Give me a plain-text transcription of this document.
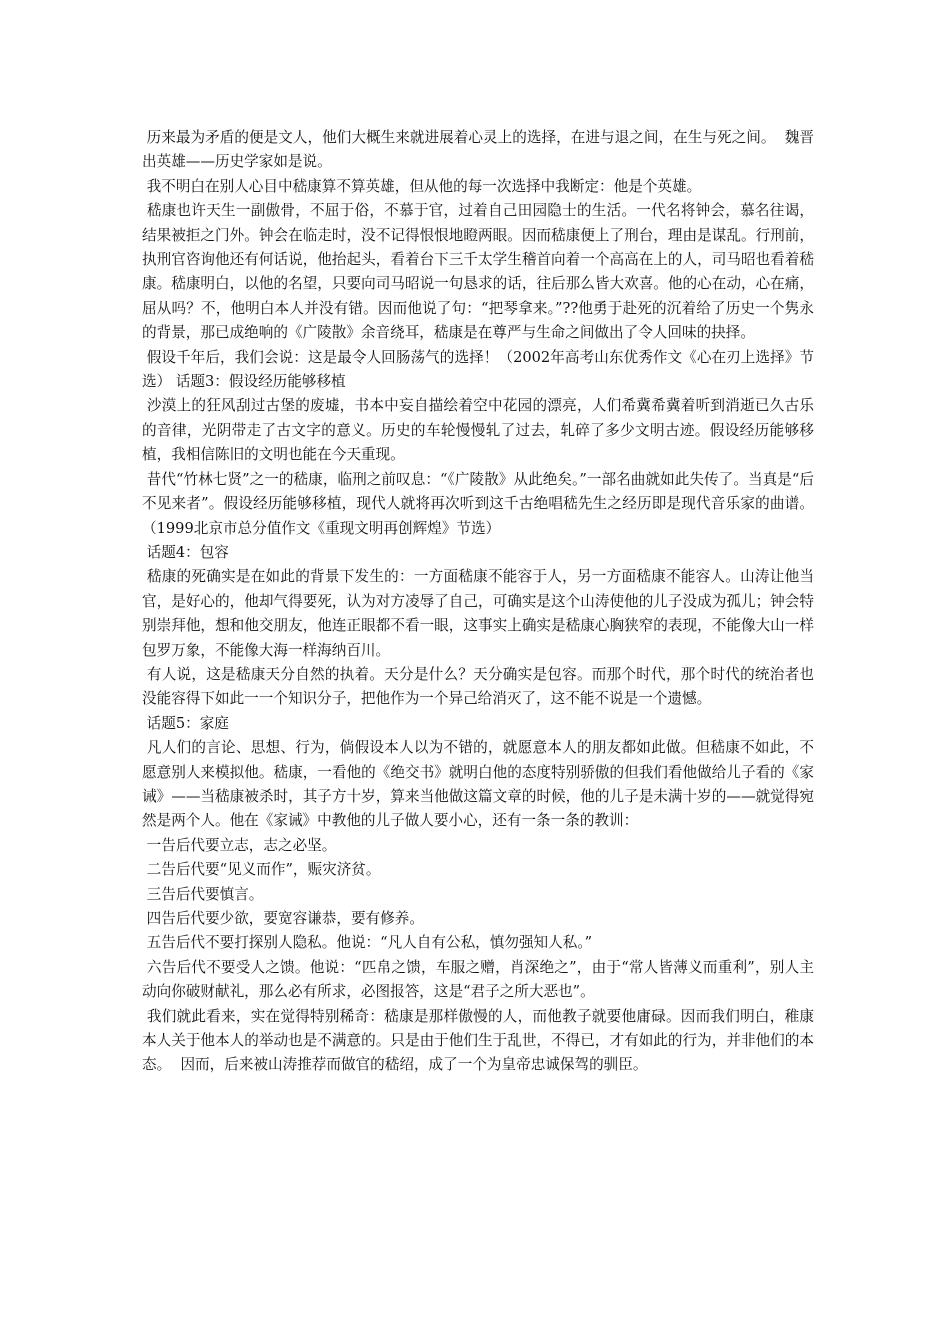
历来最为矛盾的便是文人，他们大概生来就进展着心灵上的选择，在进与退之间，在生与死之间。  魏晋出英雄——历史学家如是说。

我不明白在别人心目中嵇康算不算英雄，但从他的每一次选择中我断定：他是个英雄。

嵇康也许天生一副傲骨，不屈于俗，不慕于官，过着自己田园隐士的生活。一代名将钟会，慕名往谒，结果被拒之门外。钟会在临走时，没不记得恨恨地瞪两眼。因而嵇康便上了刑台，理由是谋乱。行刑前，执刑官咨询他还有何话说，他抬起头，看着台下三千太学生稽首向着一个高高在上的人，司马昭也看着嵇康。嵇康明白，以他的名望，只要向司马昭说一句恳求的话，往后那么皆大欢喜。他的心在动，心在痛，屈从吗？不，他明白本人并没有错。因而他说了句：“把琴拿来。”??他勇于赴死的沉着给了历史一个隽永的背景，那已成绝响的《广陵散》余音绕耳，嵇康是在尊严与生命之间做出了令人回味的抉择。

假设千年后，我们会说：这是最令人回肠荡气的选择！（2002年高考山东优秀作文《心在刃上选择》节选） 话题3：假设经历能够移植

沙漠上的狂风刮过古堡的废墟，书本中妄自描绘着空中花园的漂亮，人们希冀希冀着听到消逝已久古乐的音律，光阴带走了古文字的意义。历史的车轮慢慢轧了过去，轧碎了多少文明古迹。假设经历能够移植，我相信陈旧的文明也能在今天重现。

昔代“竹林七贤”之一的嵇康，临刑之前叹息：“《广陵散》从此绝矣。”一部名曲就如此失传了。当真是“后不见来者”。假设经历能够移植，现代人就将再次听到这千古绝唱嵇先生之经历即是现代音乐家的曲谱。（1999北京市总分值作文《重现文明再创辉煌》节选）

话题4：包容

嵇康的死确实是在如此的背景下发生的：一方面嵇康不能容于人，另一方面嵇康不能容人。山涛让他当官，是好心的，他却气得要死，认为对方凌辱了自己，可确实是这个山涛使他的儿子没成为孤儿；钟会特别崇拜他，想和他交朋友，他连正眼都不看一眼，这事实上确实是嵇康心胸狭窄的表现，不能像大山一样包罗万象，不能像大海一样海纳百川。

有人说，这是嵇康天分自然的执着。天分是什么？天分确实是包容。而那个时代，那个时代的统治者也没能容得下如此一一个知识分子，把他作为一个异己给消灭了，这不能不说是一个遗憾。

话题5：家庭

凡人们的言论、思想、行为，倘假设本人以为不错的，就愿意本人的朋友都如此做。但嵇康不如此，不愿意别人来模拟他。嵇康，一看他的《绝交书》就明白他的态度特别骄傲的但我们看他做给儿子看的《家诫》——当嵇康被杀时，其子方十岁，算来当他做这篇文章的时候，他的儿子是未满十岁的——就觉得宛然是两个人。他在《家诫》中教他的儿子做人要小心，还有一条一条的教训：

一告后代要立志，志之必坚。

二告后代要“见义而作”，赈灾济贫。

三告后代要慎言。

四告后代要少欲，要宽容谦恭，要有修养。

五告后代不要打探别人隐私。他说：“凡人自有公私，慎勿强知人私。”

六告后代不要受人之馈。他说：“匹帛之馈，车服之赠，肖深绝之”，由于“常人皆薄义而重利”，别人主动向你破财献礼，那么必有所求，必图报答，这是“君子之所大恶也”。

我们就此看来，实在觉得特别稀奇：嵇康是那样傲慢的人，而他教子就要他庸碌。因而我们明白，稚康本人关于他本人的举动也是不满意的。只是由于他们生于乱世，不得已，才有如此的行为，并非他们的本态。  因而，后来被山涛推荐而做官的嵇绍，成了一个为皇帝忠诚保驾的驯臣。
